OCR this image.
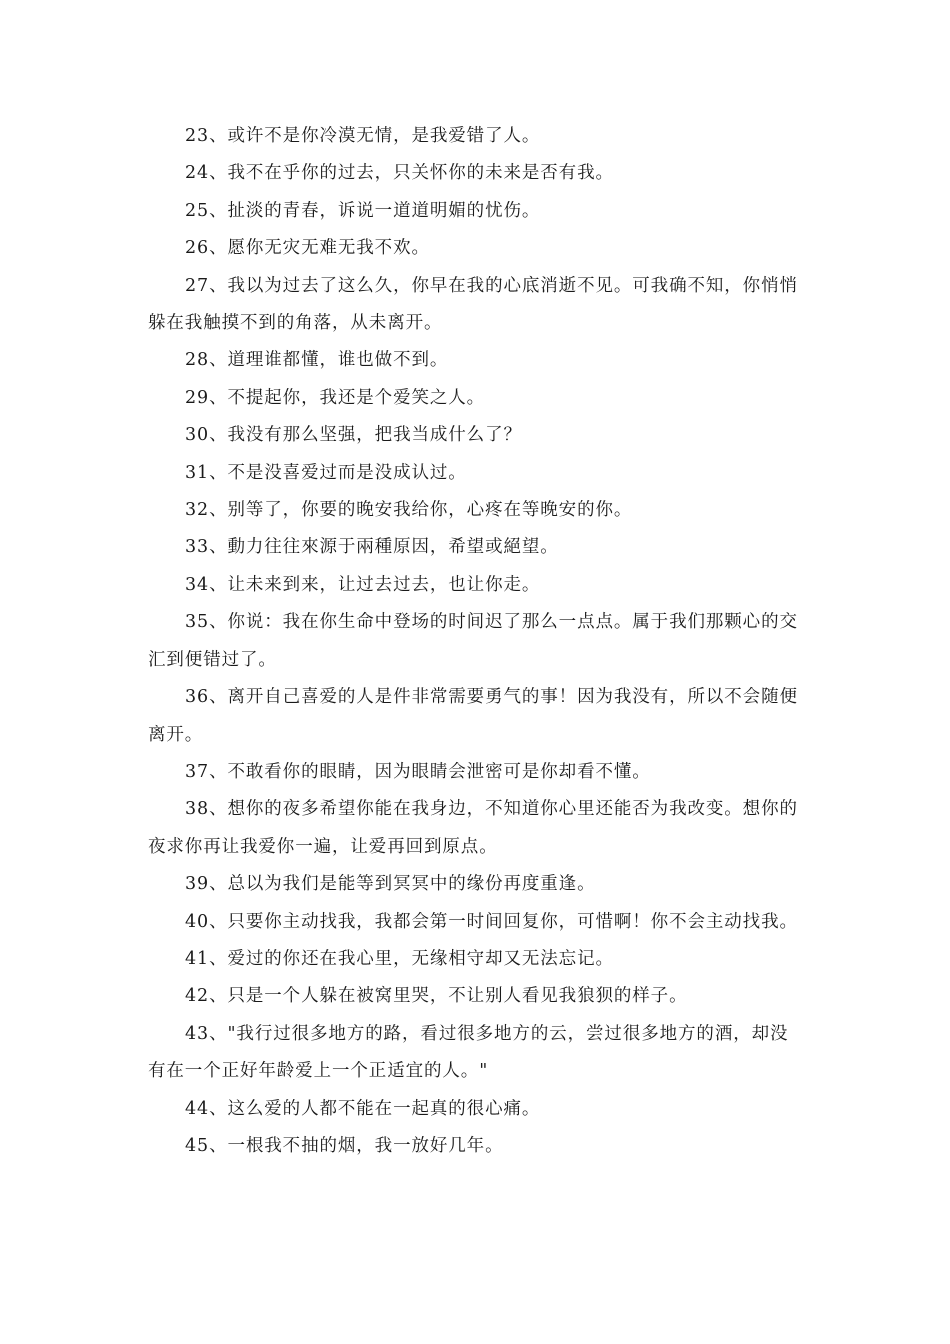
23、或许不是你冷漠无情，是我爱错了人。

24、我不在乎你的过去，只关怀你的未来是否有我。

25、扯淡的青春，诉说一道道明媚的忧伤。

26、愿你无灾无难无我不欢。

27、我以为过去了这么久，你早在我的心底消逝不见。可我确不知，你悄悄躲在我触摸不到的角落，从未离开。

28、道理谁都懂，谁也做不到。

29、不提起你，我还是个爱笑之人。

30、我没有那么坚强，把我当成什么了？

31、不是没喜爱过而是没成认过。

32、别等了，你要的晚安我给你，心疼在等晚安的你。

33、動力往往來源于兩種原因，希望或絕望。

34、让未来到来，让过去过去，也让你走。

35、你说：我在你生命中登场的时间迟了那么一点点。属于我们那颗心的交汇到便错过了。

36、离开自己喜爱的人是件非常需要勇气的事！因为我没有，所以不会随便离开。

37、不敢看你的眼睛，因为眼睛会泄密可是你却看不懂。

38、想你的夜多希望你能在我身边，不知道你心里还能否为我改变。想你的夜求你再让我爱你一遍，让爱再回到原点。

39、总以为我们是能等到冥冥中的缘份再度重逢。

40、只要你主动找我，我都会第一时间回复你，可惜啊！你不会主动找我。

41、爱过的你还在我心里，无缘相守却又无法忘记。

42、只是一个人躲在被窝里哭，不让别人看见我狼狈的样子。

43、"我行过很多地方的路，看过很多地方的云，尝过很多地方的酒，却没有在一个正好年龄爱上一个正适宜的人。"

44、这么爱的人都不能在一起真的很心痛。

45、一根我不抽的烟，我一放好几年。
